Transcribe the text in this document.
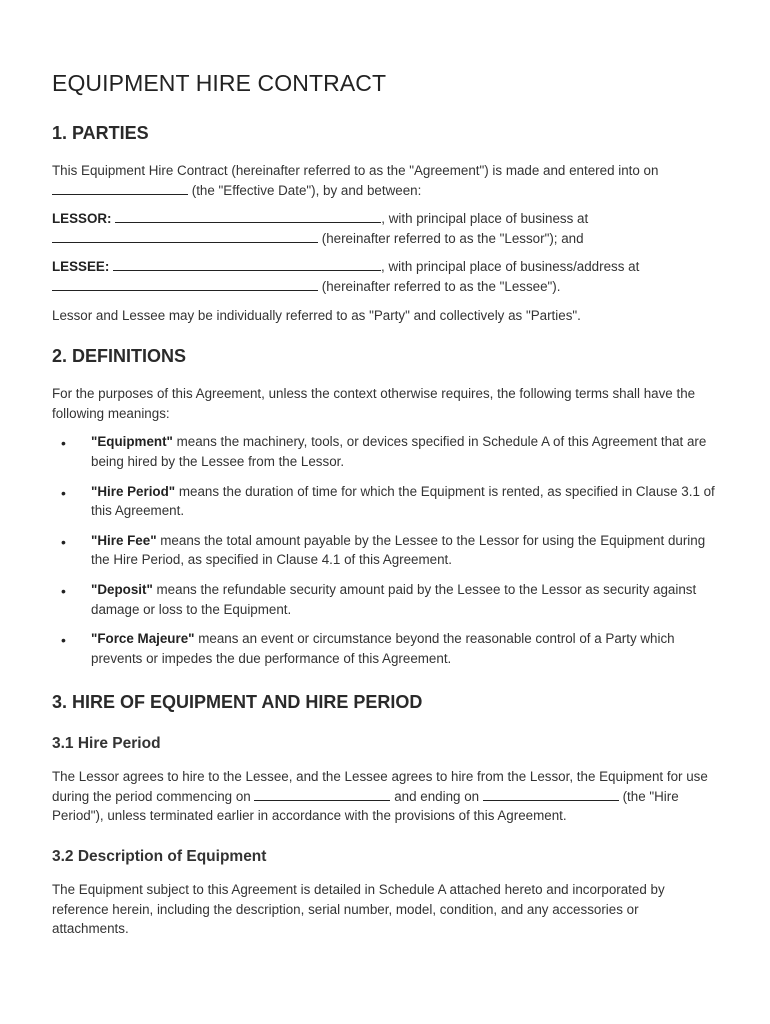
EQUIPMENT HIRE CONTRACT
1. PARTIES

This Equipment Hire Contract (hereinafter referred to as the "Agreement") is made and entered into on  (the "Effective Date"), by and between:

LESSOR:	, with principal place of business at
(hereinafter referred to as the "Lessor"); and

LESSEE:	, with principal place of business/address at
(hereinafter referred to as the "Lessee").

Lessor and Lessee may be individually referred to as "Party" and collectively as "Parties".

2. DEFINITIONS

For the purposes of this Agreement, unless the context otherwise requires, the following terms shall have the following meanings:

• "Equipment" means the machinery, tools, or devices specified in Schedule A of this Agreement that are being hired by the Lessee from the Lessor.
• "Hire Period" means the duration of time for which the Equipment is rented, as specified in Clause 3.1 of this Agreement.
• "Hire Fee" means the total amount payable by the Lessee to the Lessor for using the Equipment during the Hire Period, as specified in Clause 4.1 of this Agreement.
• "Deposit" means the refundable security amount paid by the Lessee to the Lessor as security against damage or loss to the Equipment.
• "Force Majeure" means an event or circumstance beyond the reasonable control of a Party which prevents or impedes the due performance of this Agreement.
3. HIRE OF EQUIPMENT AND HIRE PERIOD
3.1 Hire Period

The Lessor agrees to hire to the Lessee, and the Lessee agrees to hire from the Lessor, the Equipment for use during the period commencing on	and ending on	(the "Hire Period"), unless terminated earlier in accordance with the provisions of this Agreement.

3.2 Description of Equipment

The Equipment subject to this Agreement is detailed in Schedule A attached hereto and incorporated by reference herein, including the description, serial number, model, condition, and any accessories or attachments.
